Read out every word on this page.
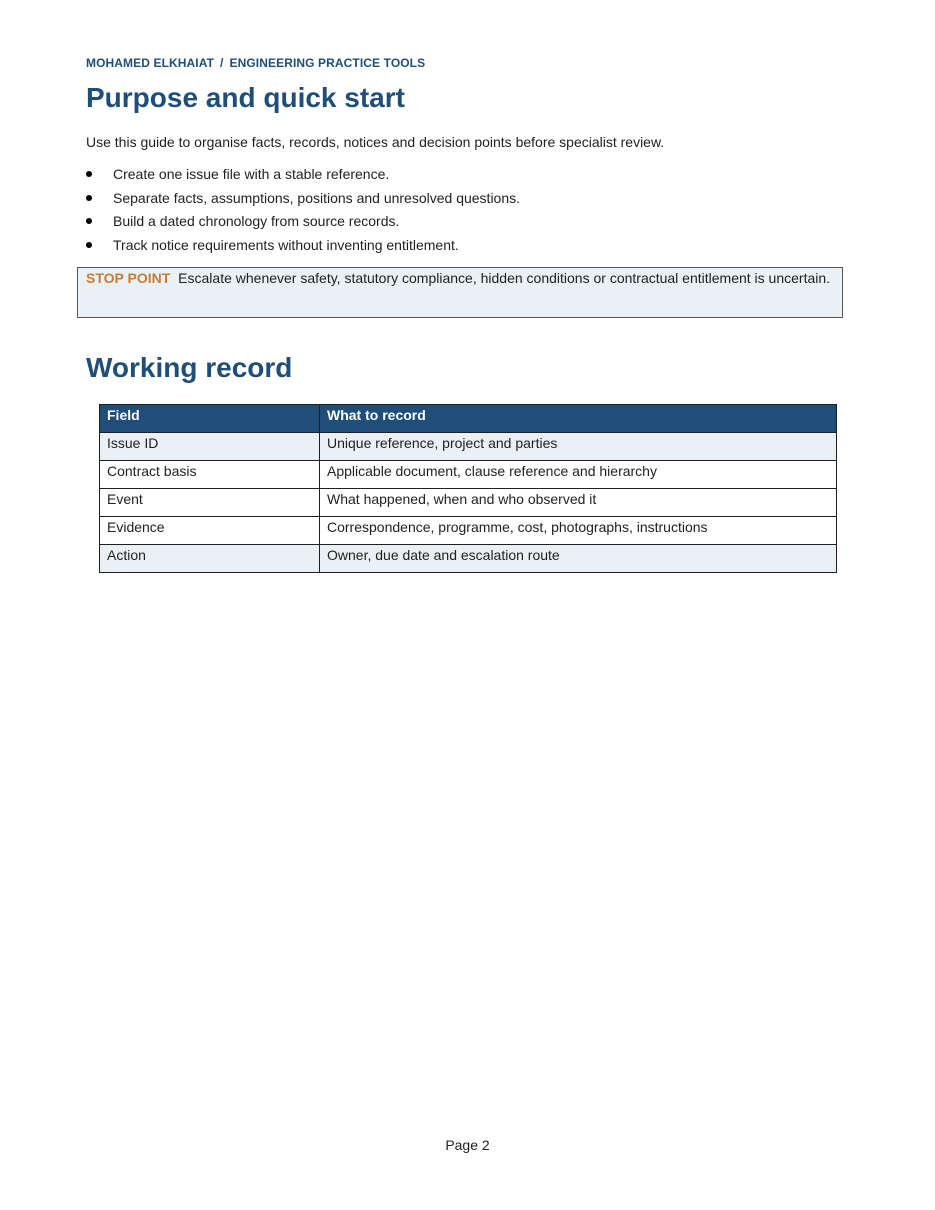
MOHAMED ELKHAIAT / ENGINEERING PRACTICE TOOLS
Purpose and quick start
Use this guide to organise facts, records, notices and decision points before specialist review.
Create one issue file with a stable reference.
Separate facts, assumptions, positions and unresolved questions.
Build a dated chronology from source records.
Track notice requirements without inventing entitlement.
STOP POINT Escalate whenever safety, statutory compliance, hidden conditions or contractual entitlement is uncertain.
Working record
Field	What to record
Issue ID	Unique reference, project and parties
Contract basis	Applicable document, clause reference and hierarchy
Event	What happened, when and who observed it
Evidence	Correspondence, programme, cost, photographs, instructions
Action	Owner, due date and escalation route
Page 2
